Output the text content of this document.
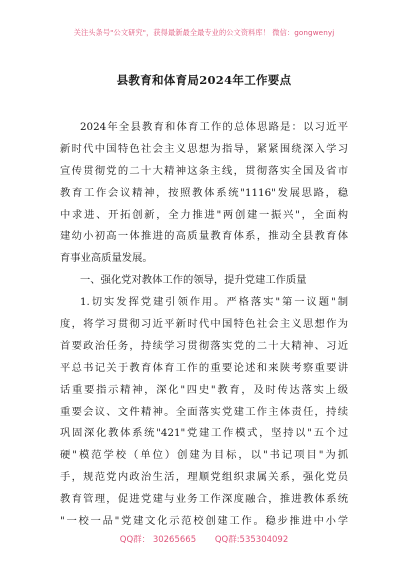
关注头条号"公文研究"，获得最新最全最专业的公文资料库！ 微信：gongwenyj
县教育和体育局2024年工作要点
2024年全县教育和体育工作的总体思路是：以习近平
新时代中国特色社会主义思想为指导，紧紧围绕深入学习
宣传贯彻党的二十大精神这条主线，贯彻落实全国及省市
教育工作会议精神，按照教体系统"1116"发展思路，稳
中求进、开拓创新，全力推进"两创建一振兴"，全面构
建幼小初高一体推进的高质量教育体系，推动全县教育体
育事业高质量发展。
一、强化党对教体工作的领导，提升党建工作质量
1.切实发挥党建引领作用。严格落实"第一议题"制
度，将学习贯彻习近平新时代中国特色社会主义思想作为
首要政治任务，持续学习贯彻落实党的二十大精神、习近
平总书记关于教育体育工作的重要论述和来陕考察重要讲
话重要指示精神，深化"四史"教育，及时传达落实上级
重要会议、文件精神。全面落实党建工作主体责任，持续
巩固深化教体系统"421"党建工作模式，坚持以"五个过
硬"模范学校（单位）创建为目标，以"书记项目"为抓
手，规范党内政治生活，理顺党组织隶属关系，强化党员
教育管理，促进党建与业务工作深度融合，推进教体系统
"一校一品"党建文化示范校创建工作。稳步推进中小学
QQ群： 30265665 QQ群:535304092
